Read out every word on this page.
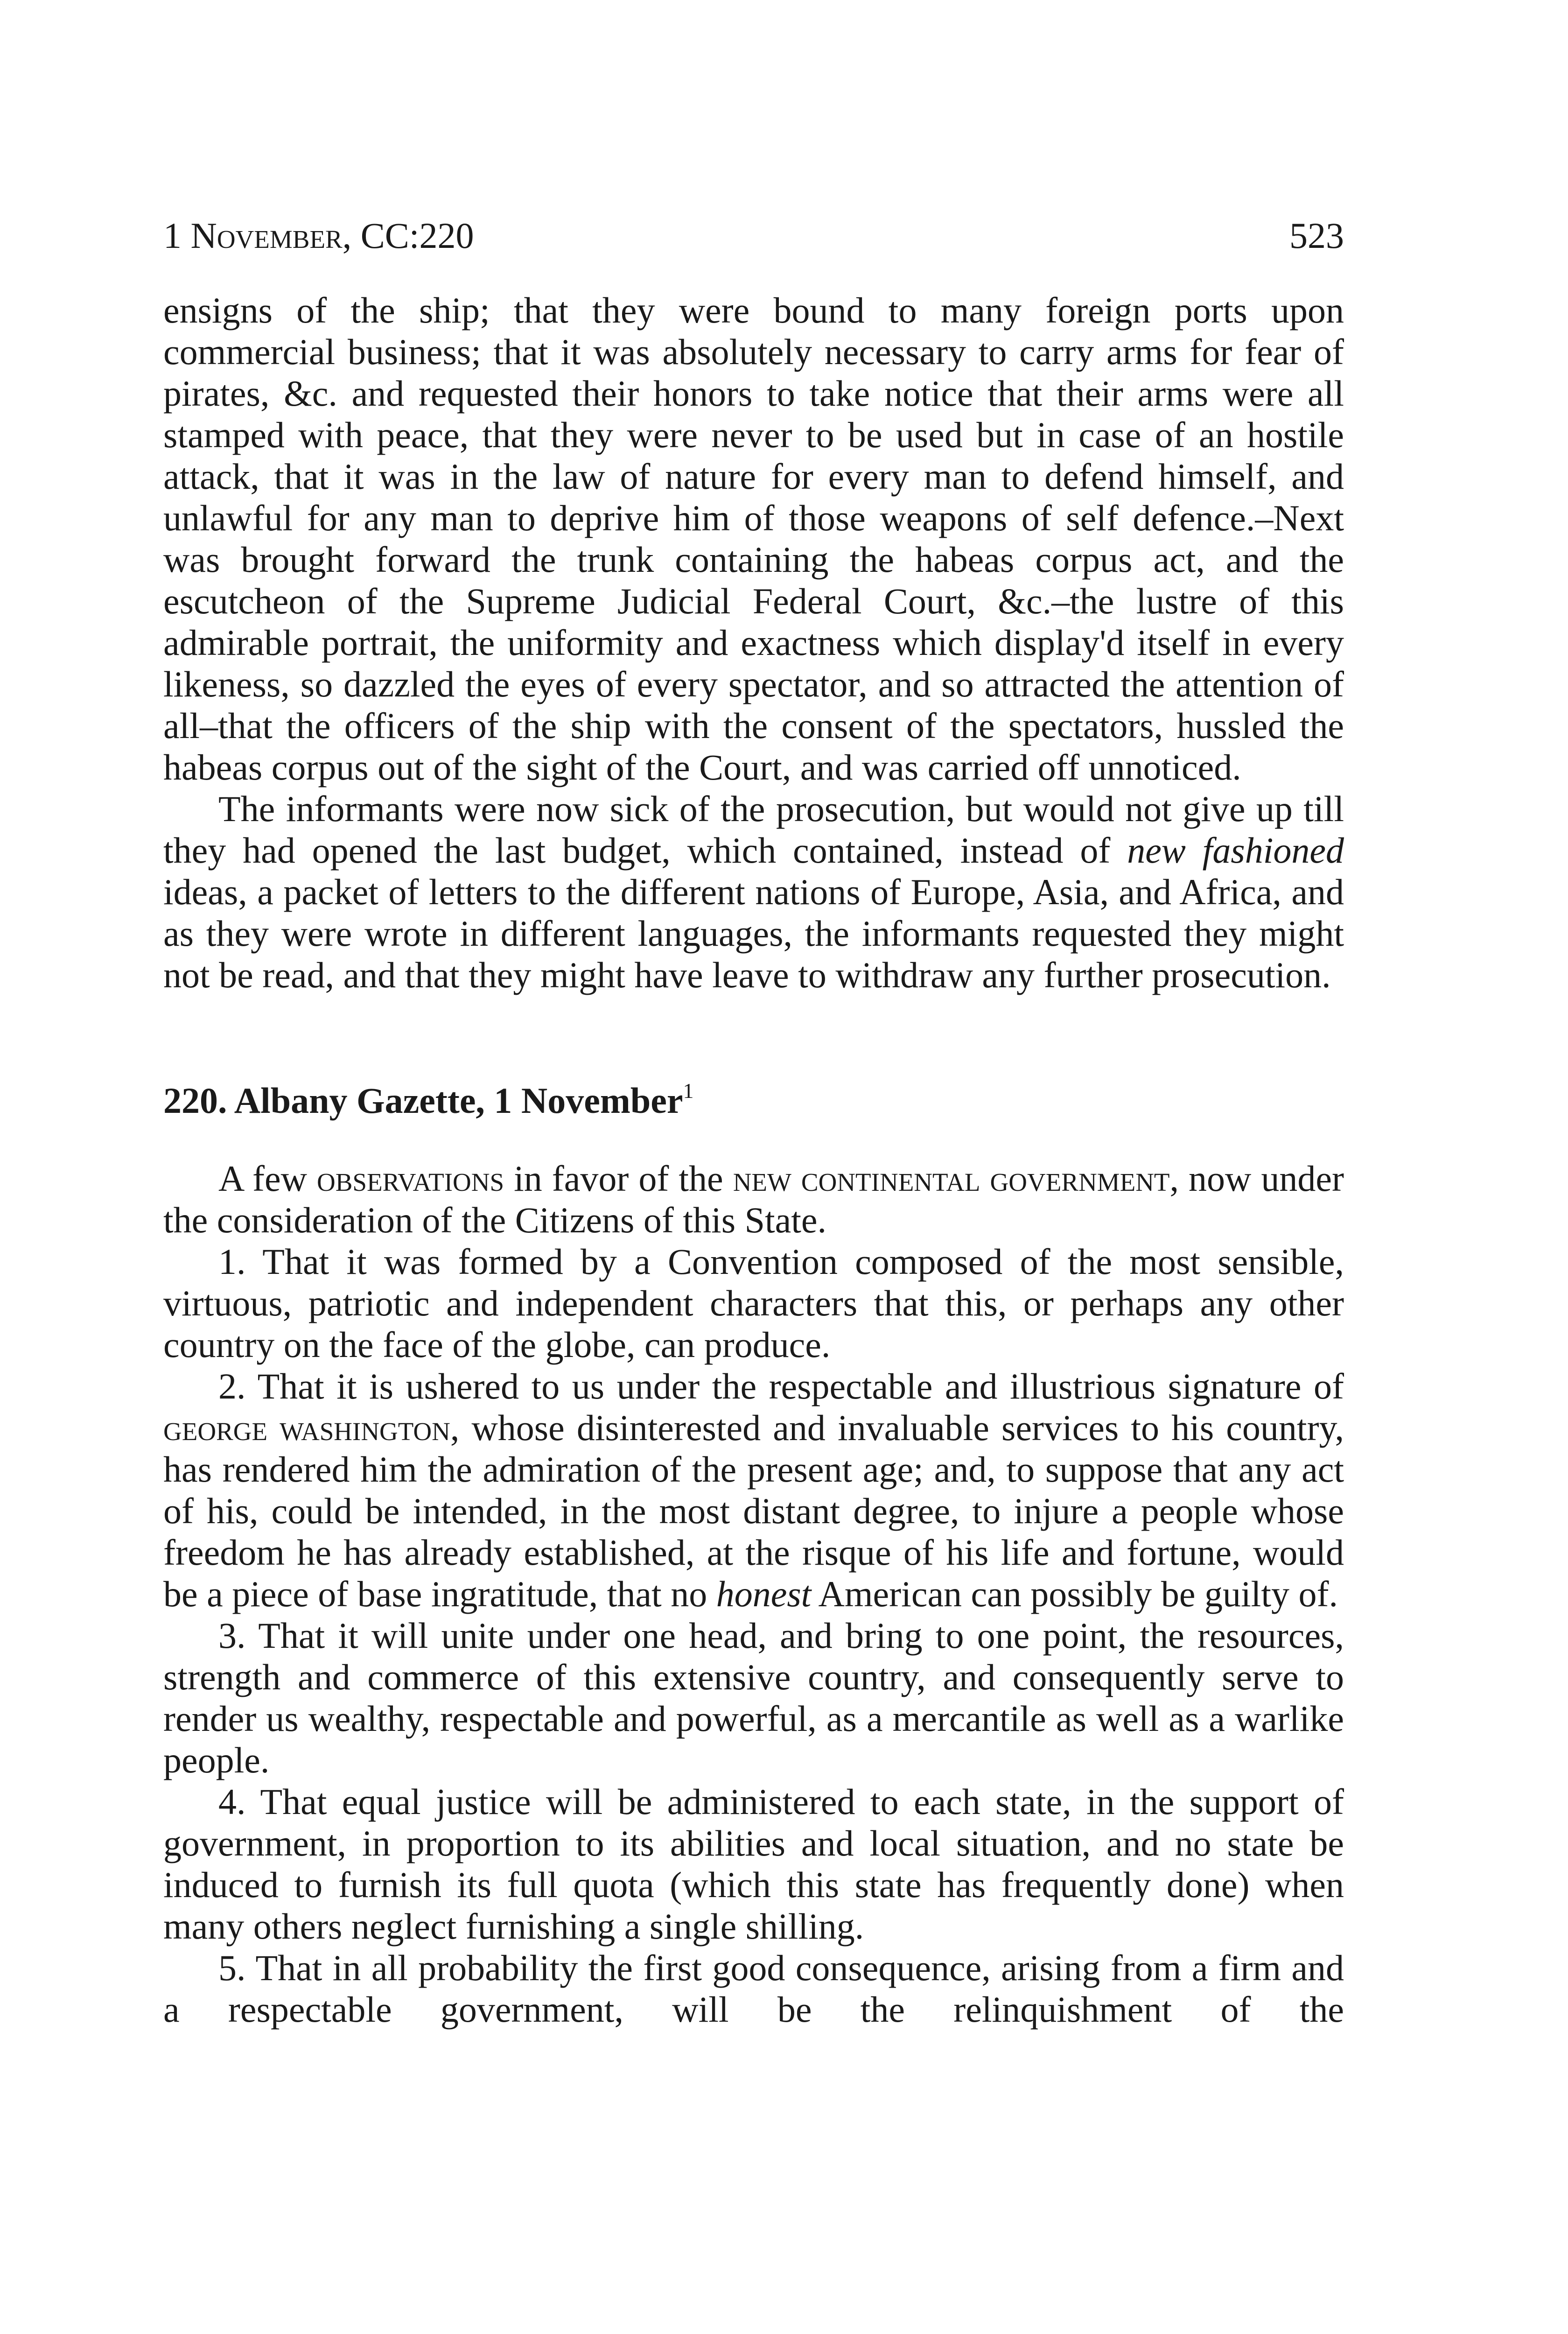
1 November, CC:220	523

ensigns of the ship; that they were bound to many foreign ports upon commercial business; that it was absolutely necessary to carry arms for fear of pirates, &c. and requested their honors to take notice that their arms were all stamped with peace, that they were never to be used but in case of an hostile attack, that it was in the law of nature for every man to defend himself, and unlawful for any man to deprive him of those weapons of self defence.–Next was brought forward the trunk containing the habeas corpus act, and the escutcheon of the Supreme Judicial Federal Court, &c.–the lustre of this admirable portrait, the uniformity and exactness which display'd itself in every likeness, so dazzled the eyes of every spectator, and so attracted the attention of all–that the officers of the ship with the consent of the spectators, hussled the habeas corpus out of the sight of the Court, and was carried off unnoticed.

The informants were now sick of the prosecution, but would not give up till they had opened the last budget, which contained, instead of new fashioned ideas, a packet of letters to the different nations of Europe, Asia, and Africa, and as they were wrote in different languages, the informants requested they might not be read, and that they might have leave to withdraw any further prosecution.

220. Albany Gazette, 1 November$^1$

A few observations in favor of the new continental government, now under the consideration of the Citizens of this State.

1. That it was formed by a Convention composed of the most sensible, virtuous, patriotic and independent characters that this, or perhaps any other country on the face of the globe, can produce.

2. That it is ushered to us under the respectable and illustrious signature of george washington, whose disinterested and invaluable services to his country, has rendered him the admiration of the present age; and, to suppose that any act of his, could be intended, in the most distant degree, to injure a people whose freedom he has already established, at the risque of his life and fortune, would be a piece of base ingratitude, that no honest American can possibly be guilty of.

3. That it will unite under one head, and bring to one point, the resources, strength and commerce of this extensive country, and consequently serve to render us wealthy, respectable and powerful, as a mercantile as well as a warlike people.

4. That equal justice will be administered to each state, in the support of government, in proportion to its abilities and local situation, and no state be induced to furnish its full quota (which this state has frequently done) when many others neglect furnishing a single shilling.

5. That in all probability the first good consequence, arising from a firm and a respectable government, will be the relinquishment of the
